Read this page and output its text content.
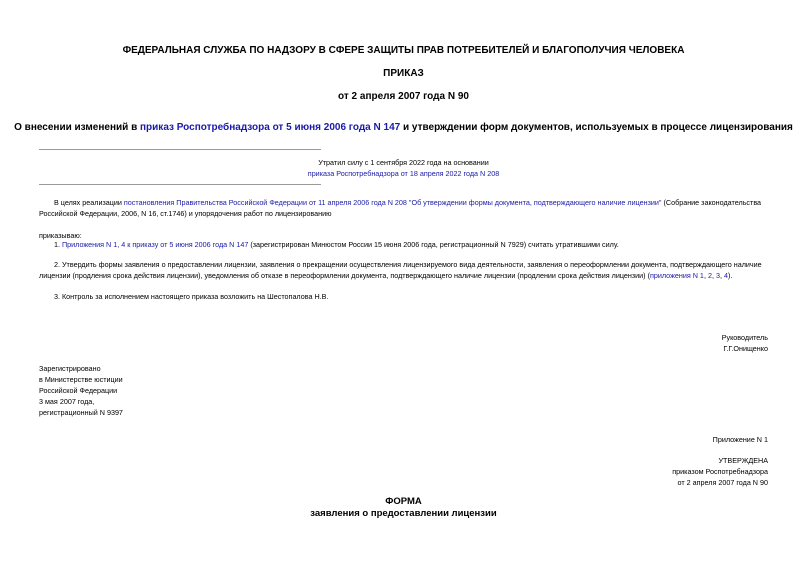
ФЕДЕРАЛЬНАЯ СЛУЖБА ПО НАДЗОРУ В СФЕРЕ ЗАЩИТЫ ПРАВ ПОТРЕБИТЕЛЕЙ И БЛАГОПОЛУЧИЯ ЧЕЛОВЕКА
ПРИКАЗ
от 2 апреля 2007 года N 90
О внесении изменений в приказ Роспотребнадзора от 5 июня 2006 года N 147 и утверждении форм документов, используемых в процессе лицензирования
Утратил силу с 1 сентября 2022 года на основании
приказа Роспотребнадзора от 18 апреля 2022 года N 208

В целях реализации постановления Правительства Российской Федерации от 11 апреля 2006 года N 208 "Об утверждении формы документа, подтверждающего наличие лицензии" (Собрание законодательства

Российской Федерации, 2006, N 16, ст.1746) и упорядочения работ по лицензированию

приказываю:
1. Приложения N 1, 4 к приказу от 5 июня 2006 года N 147 (зарегистрирован Минюстом России 15 июня 2006 года, регистрационный N 7929) считать утратившими силу.

2. Утвердить формы заявления о предоставлении лицензии, заявления о прекращении осуществления лицензируемого вида деятельности, заявления о переоформлении документа, подтверждающего наличие

лицензии (продления срока действия лицензии), уведомления об отказе в переоформлении документа, подтверждающего наличие лицензии (продлении срока действия лицензии) (приложения N 1, 2, 3, 4).

3. Контроль за исполнением настоящего приказа возложить на Шестопалова Н.В.

Руководитель

Г.Г.Онищенко

Зарегистрировано

в Министерстве юстиции

Российской Федерации

3 мая 2007 года,

регистрационный N 9397

Приложение N 1

УТВЕРЖДЕНА

приказом Роспотребнадзора

от 2 апреля 2007 года N 90

ФОРМА
заявления о предоставлении лицензии
